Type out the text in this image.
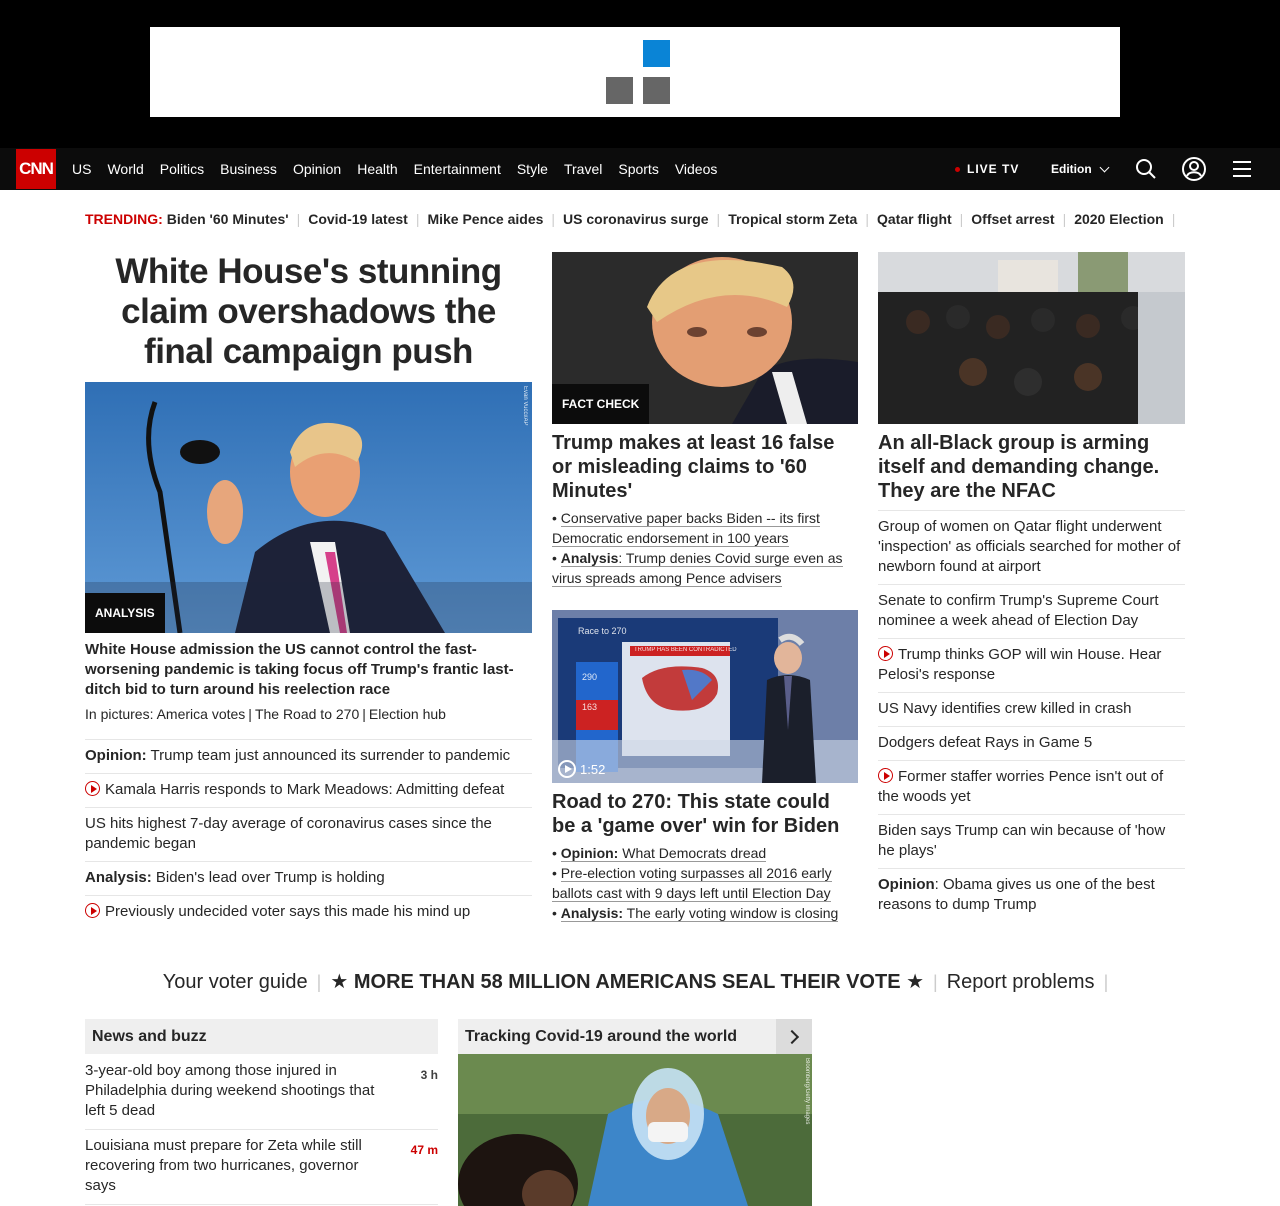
CNN US World Politics Business Opinion Health Entertainment Style Travel Sports Videos	LIVE TV	Edition
TRENDING: Biden '60 Minutes' | Covid-19 latest | Mike Pence aides | US coronavirus surge | Tropical storm Zeta | Qatar flight | Offset arrest | 2020 Election |
White House's stunning claim overshadows the final campaign push
Evan Vucci/AP
ANALYSIS
White House admission the US cannot control the fast-worsening pandemic is taking focus off Trump's frantic last-ditch bid to turn around his reelection race
In pictures: America votes | The Road to 270 | Election hub
Opinion: Trump team just announced its surrender to pandemic
Kamala Harris responds to Mark Meadows: Admitting defeat
US hits highest 7-day average of coronavirus cases since the pandemic began
Analysis: Biden's lead over Trump is holding
Previously undecided voter says this made his mind up
FACT CHECK
Trump makes at least 16 false or misleading claims to '60 Minutes'
• Conservative paper backs Biden -- its first Democratic endorsement in 100 years
• Analysis: Trump denies Covid surge even as virus spreads among Pence advisers
Race to 270
TRUMP HAS BEEN CONTRADICTED
290
163
1:52
Road to 270: This state could be a 'game over' win for Biden
• Opinion: What Democrats dread
• Pre-election voting surpasses all 2016 early ballots cast with 9 days left until Election Day
• Analysis: The early voting window is closing
An all-Black group is arming itself and demanding change. They are the NFAC
Group of women on Qatar flight underwent 'inspection' as officials searched for mother of newborn found at airport
Senate to confirm Trump's Supreme Court nominee a week ahead of Election Day
Trump thinks GOP will win House. Hear Pelosi's response
US Navy identifies crew killed in crash
Dodgers defeat Rays in Game 5
Former staffer worries Pence isn't out of the woods yet
Biden says Trump can win because of 'how he plays'
Opinion: Obama gives us one of the best reasons to dump Trump
Your voter guide | ★ MORE THAN 58 MILLION AMERICANS SEAL THEIR VOTE ★ | Report problems |
News and buzz
3-year-old boy among those injured in Philadelphia during weekend shootings that left 5 dead
3 h
Louisiana must prepare for Zeta while still recovering from two hurricanes, governor says
47 m
Tracking Covid-19 around the world
Bloomberg/Getty Images
